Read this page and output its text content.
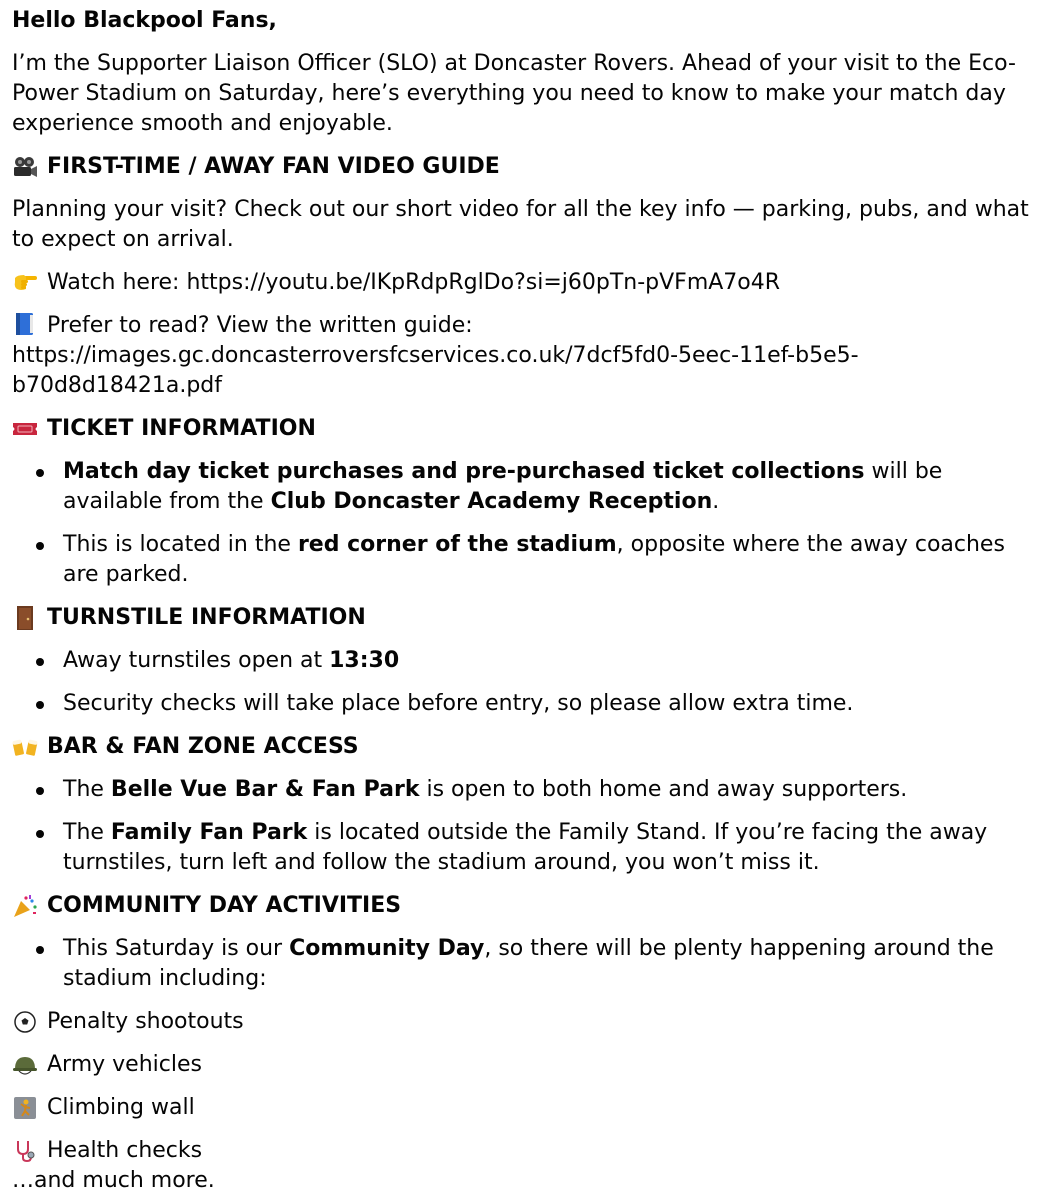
Hello Blackpool Fans,

I’m the Supporter Liaison Officer (SLO) at Doncaster Rovers. Ahead of your visit to the Eco-Power Stadium on Saturday, here’s everything you need to know to make your match day experience smooth and enjoyable.

FIRST-TIME / AWAY FAN VIDEO GUIDE

Planning your visit? Check out our short video for all the key info — parking, pubs, and what to expect on arrival.

Watch here: https://youtu.be/IKpRdpRglDo?si=j60pTn-pVFmA7o4R

Prefer to read? View the written guide:
https://images.gc.doncasterroversfcservices.co.uk/7dcf5fd0-5eec-11ef-b5e5-b70d8d18421a.pdf

TICKET INFORMATION
Match day ticket purchases and pre-purchased ticket collections will be available from the Club Doncaster Academy Reception.
This is located in the red corner of the stadium, opposite where the away coaches are parked.
TURNSTILE INFORMATION
Away turnstiles open at 13:30
Security checks will take place before entry, so please allow extra time.
BAR & FAN ZONE ACCESS
The Belle Vue Bar & Fan Park is open to both home and away supporters.
The Family Fan Park is located outside the Family Stand. If you’re facing the away turnstiles, turn left and follow the stadium around, you won’t miss it.
COMMUNITY DAY ACTIVITIES
This Saturday is our Community Day, so there will be plenty happening around the stadium including:
Penalty shootouts
Army vehicles
Climbing wall
Health checks

…and much more.
